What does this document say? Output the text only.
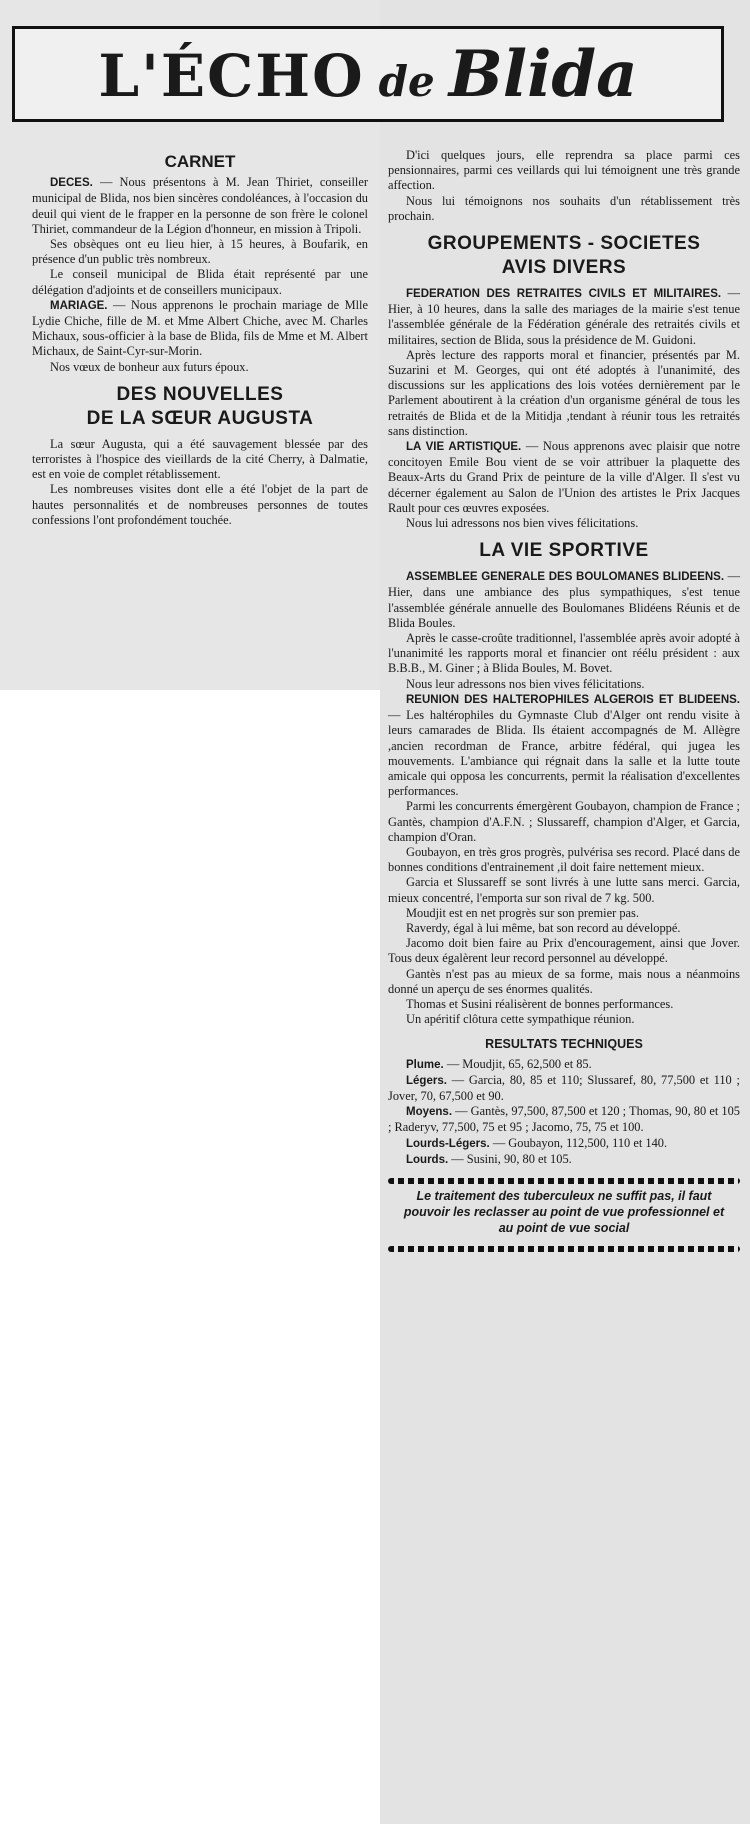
L'ÉCHO de Blida
CARNET

DECES. — Nous présentons à M. Jean Thiriet, conseiller municipal de Blida, nos bien sincères condoléances, à l'occasion du deuil qui vient de le frapper en la personne de son frère le colonel Thiriet, commandeur de la Légion d'honneur, en mission à Tripoli.

Ses obsèques ont eu lieu hier, à 15 heures, à Boufarik, en présence d'un public très nombreux.

Le conseil municipal de Blida était représenté par une délégation d'adjoints et de conseillers municipaux.

MARIAGE. — Nous apprenons le prochain mariage de Mlle Lydie Chiche, fille de M. et Mme Albert Chiche, avec M. Charles Michaux, sous-officier à la base de Blida, fils de Mme et M. Albert Michaux, de Saint-Cyr-sur-Morin.

Nos vœux de bonheur aux futurs époux.

DES NOUVELLES
DE LA SŒUR AUGUSTA

La sœur Augusta, qui a été sauvagement blessée par des terroristes à l'hospice des vieillards de la cité Cherry, à Dalmatie, est en voie de complet rétablissement.

Les nombreuses visites dont elle a été l'objet de la part de hautes personnalités et de nombreuses personnes de toutes confessions l'ont profondément touchée.

D'ici quelques jours, elle reprendra sa place parmi ces pensionnaires, parmi ces veillards qui lui témoignent une très grande affection.

Nous lui témoignons nos souhaits d'un rétablissement très prochain.

GROUPEMENTS - SOCIETES
AVIS DIVERS

FEDERATION DES RETRAITES CIVILS ET MILITAIRES. — Hier, à 10 heures, dans la salle des mariages de la mairie s'est tenue l'assemblée générale de la Fédération générale des retraités civils et militaires, section de Blida, sous la présidence de M. Guidoni.

Après lecture des rapports moral et financier, présentés par M. Suzarini et M. Georges, qui ont été adoptés à l'unanimité, des discussions sur les applications des lois votées dernièrement par le Parlement aboutirent à la création d'un organisme général de tous les retraités de Blida et de la Mitidja ,tendant à réunir tous les retraités sans distinction.

LA VIE ARTISTIQUE. — Nous apprenons avec plaisir que notre concitoyen Emile Bou vient de se voir attribuer la plaquette des Beaux-Arts du Grand Prix de peinture de la ville d'Alger. Il s'est vu décerner également au Salon de l'Union des artistes le Prix Jacques Rault pour ces œuvres exposées.

Nous lui adressons nos bien vives félicitations.

LA VIE SPORTIVE

ASSEMBLEE GENERALE DES BOULOMANES BLIDEENS. — Hier, dans une ambiance des plus sympathiques, s'est tenue l'assemblée générale annuelle des Boulomanes Blidéens Réunis et de Blida Boules.

Après le casse-croûte traditionnel, l'assemblée après avoir adopté à l'unanimité les rapports moral et financier ont réélu président : aux B.B.B., M. Giner ; à Blida Boules, M. Bovet.

Nous leur adressons nos bien vives félicitations.

REUNION DES HALTEROPHILES ALGEROIS ET BLIDEENS. — Les haltérophiles du Gymnaste Club d'Alger ont rendu visite à leurs camarades de Blida. Ils étaient accompagnés de M. Allègre ,ancien recordman de France, arbitre fédéral, qui jugea les mouvements. L'ambiance qui régnait dans la salle et la lutte toute amicale qui opposa les concurrents, permit la réalisation d'excellentes performances.

Parmi les concurrents émergèrent Goubayon, champion de France ; Gantès, champion d'A.F.N. ; Slussareff, champion d'Alger, et Garcia, champion d'Oran.

Goubayon, en très gros progrès, pulvérisa ses record. Placé dans de bonnes conditions d'entrainement ,il doit faire nettement mieux.

Garcia et Slussareff se sont livrés à une lutte sans merci. Garcia, mieux concentré, l'emporta sur son rival de 7 kg. 500.

Moudjit est en net progrès sur son premier pas.

Raverdy, égal à lui même, bat son record au développé.

Jacomo doit bien faire au Prix d'encouragement, ainsi que Jover. Tous deux égalèrent leur record personnel au développé.

Gantès n'est pas au mieux de sa forme, mais nous a néanmoins donné un aperçu de ses énormes qualités.

Thomas et Susini réalisèrent de bonnes performances.

Un apéritif clôtura cette sympathique réunion.

RESULTATS TECHNIQUES

Plume. — Moudjit, 65, 62,500 et 85.

Légers. — Garcia, 80, 85 et 110; Slussaref, 80, 77,500 et 110 ; Jover, 70, 67,500 et 90.

Moyens. — Gantès, 97,500, 87,500 et 120 ; Thomas, 90, 80 et 105 ; Raderyv, 77,500, 75 et 95 ; Jacomo, 75, 75 et 100.

Lourds-Légers. — Goubayon, 112,500, 110 et 140.

Lourds. — Susini, 90, 80 et 105.

Le traitement des tuberculeux ne suffit pas, il faut pouvoir les reclasser au point de vue professionnel et au point de vue social
